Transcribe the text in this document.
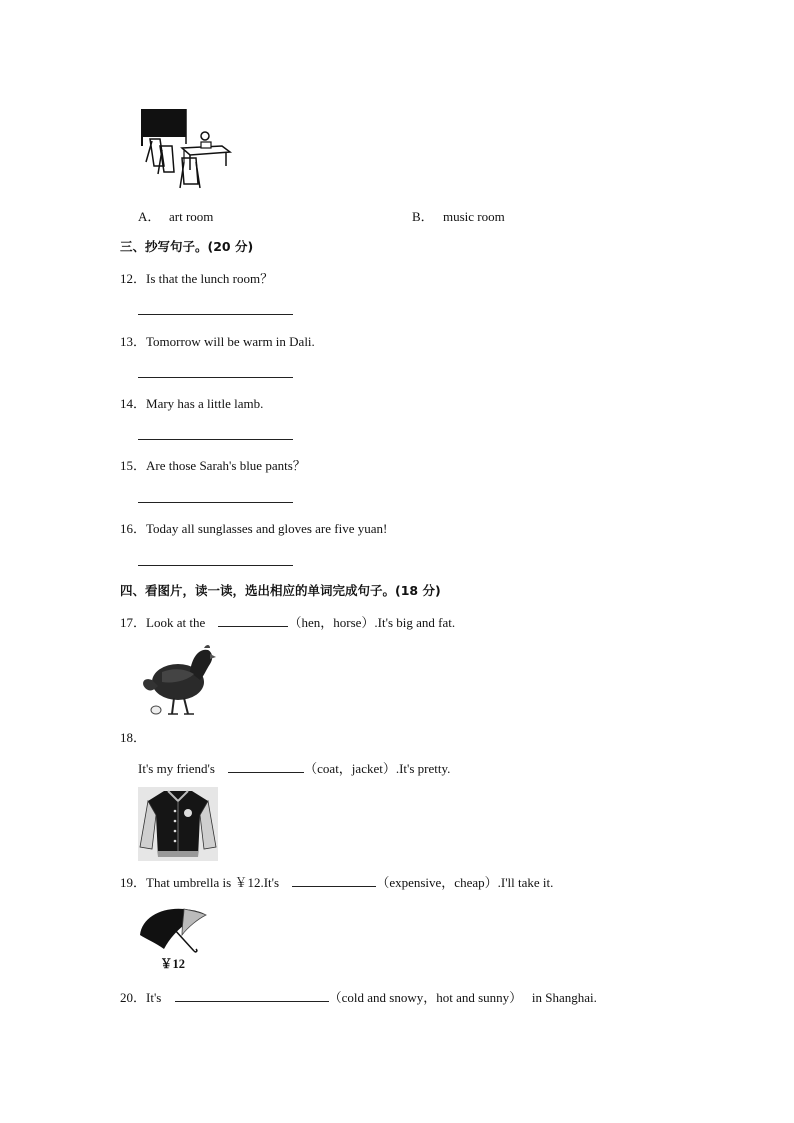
A． art room	B． music room
三、抄写句子。(20 分)
12．Is that the lunch room？
13．Tomorrow will be warm in Dali.
14．Mary has a little lamb.
15．Are those Sarah's blue pants？
16．Today all sunglasses and gloves are five yuan!
四、看图片，读一读，选出相应的单词完成句子。(18 分)
17．Look at the	（hen，horse）.It's big and fat.
18．
It's my friend's	（coat，jacket）.It's pretty.
19．That umbrella is ￥12.It's	（expensive，cheap）.I'll take it.
￥12
20．It's	（cold and snowy，hot and sunny） in Shanghai.
